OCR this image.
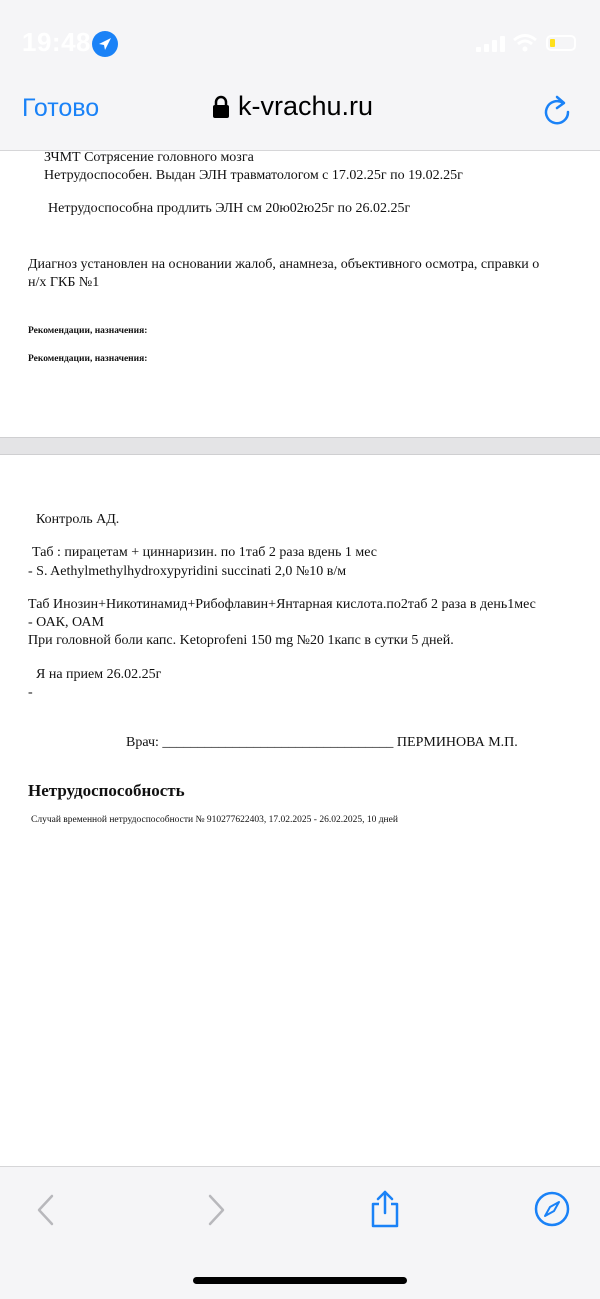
19:48
Готово	k-vrachu.ru
ЗЧМТ Сотрясение головного мозга
Нетрудоспособен. Выдан ЭЛН травматологом с 17.02.25г по 19.02.25г
Нетрудоспособна продлить ЭЛН см 20ю02ю25г по 26.02.25г
Диагноз установлен на основании жалоб, анамнеза, объективного осмотра, справки о
н/х ГКБ №1
Рекомендации, назначения:
Рекомендации, назначения:
Контроль АД.
Таб : пирацетам + циннаризин. по 1таб 2 раза вдень 1 мес
- S. Aethylmethylhydroxypyridini succinati 2,0 №10 в/м
Таб Инозин+Никотинамид+Рибофлавин+Янтарная кислота.по2таб 2 раза в день1мес
- ОАК, ОАМ
При головной боли капс. Ketoprofeni 150 mg №20 1капс в сутки 5 дней.
Я на прием 26.02.25г
-
Врач: _________________________________ ПЕРМИНОВА М.П.
Нетрудоспособность
Случай временной нетрудоспособности № 910277622403, 17.02.2025 - 26.02.2025, 10 дней
